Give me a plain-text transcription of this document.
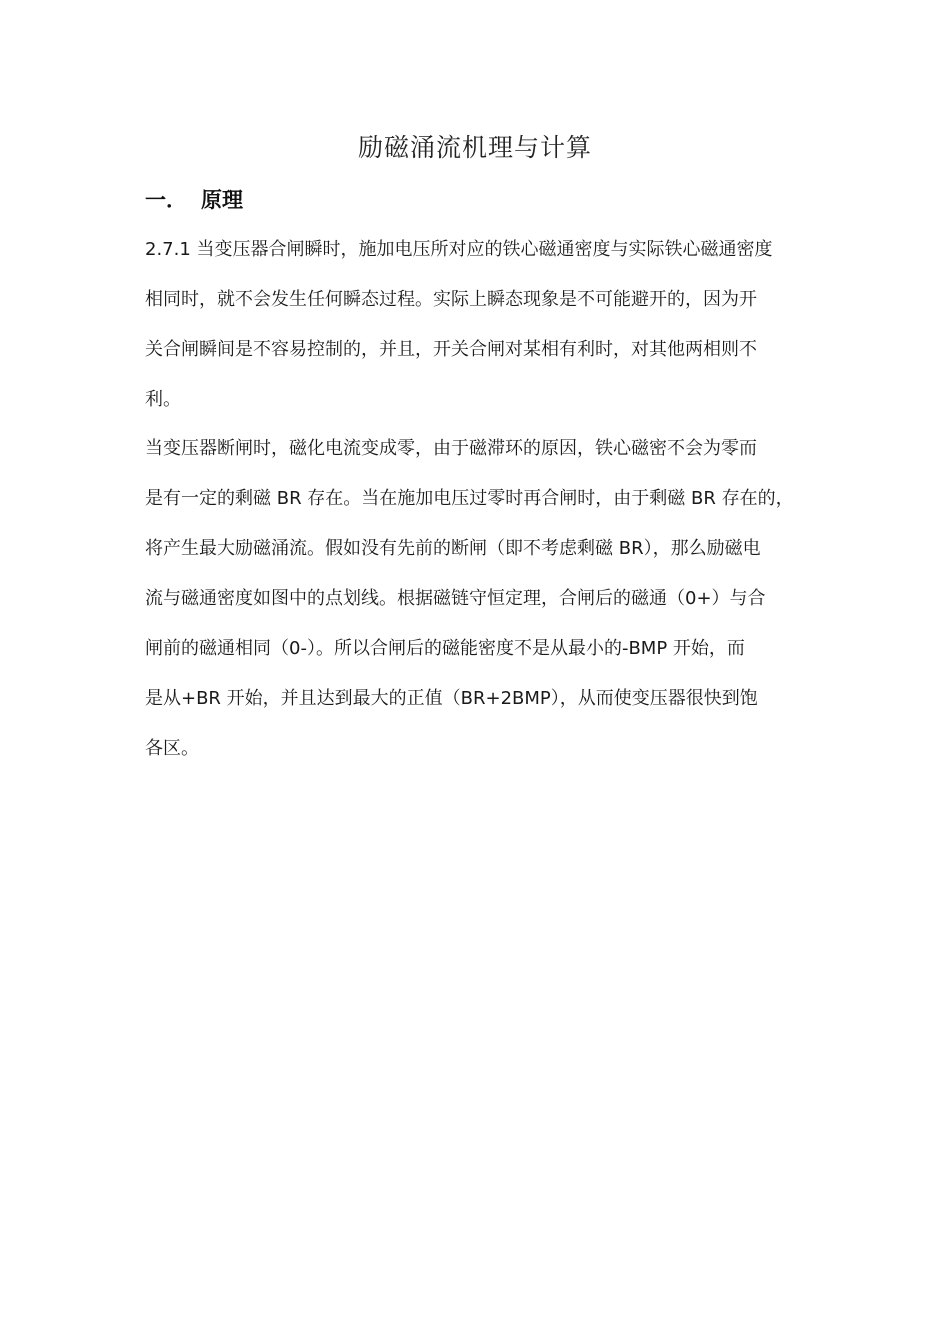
励磁涌流机理与计算
一． 原理
2.7.1 当变压器合闸瞬时，施加电压所对应的铁心磁通密度与实际铁心磁通密度
相同时，就不会发生任何瞬态过程。实际上瞬态现象是不可能避开的，因为开
关合闸瞬间是不容易控制的，并且，开关合闸对某相有利时，对其他两相则不
利。
当变压器断闸时，磁化电流变成零，由于磁滞环的原因，铁心磁密不会为零而
是有一定的剩磁 BR 存在。当在施加电压过零时再合闸时，由于剩磁 BR 存在的，
将产生最大励磁涌流。假如没有先前的断闸（即不考虑剩磁 BR），那么励磁电
流与磁通密度如图中的点划线。根据磁链守恒定理，合闸后的磁通（0+）与合
闸前的磁通相同（0-）。所以合闸后的磁能密度不是从最小的-BMP 开始，而
是从+BR 开始，并且达到最大的正值（BR+2BMP），从而使变压器很快到饱
各区。
